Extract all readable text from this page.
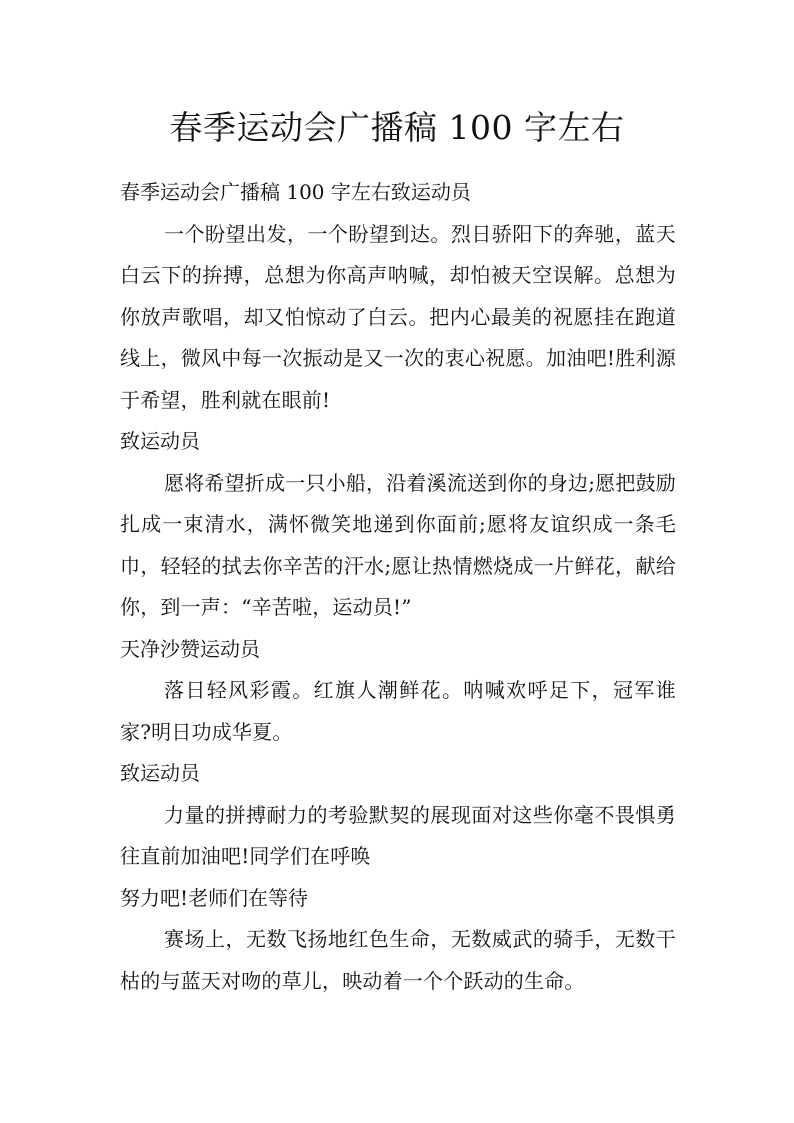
春季运动会广播稿 100 字左右

春季运动会广播稿 100 字左右致运动员

一个盼望出发，一个盼望到达。烈日骄阳下的奔驰，蓝天白云下的拚搏，总想为你高声呐喊，却怕被天空误解。总想为你放声歌唱，却又怕惊动了白云。把内心最美的祝愿挂在跑道线上，微风中每一次振动是又一次的衷心祝愿。加油吧!胜利源于希望，胜利就在眼前!

致运动员

愿将希望折成一只小船，沿着溪流送到你的身边;愿把鼓励扎成一束清水，满怀微笑地递到你面前;愿将友谊织成一条毛巾，轻轻的拭去你辛苦的汗水;愿让热情燃烧成一片鲜花，献给你，到一声：“辛苦啦，运动员!”

天净沙赞运动员

落日轻风彩霞。红旗人潮鲜花。呐喊欢呼足下，冠军谁家?明日功成华夏。

致运动员

力量的拼搏耐力的考验默契的展现面对这些你毫不畏惧勇往直前加油吧!同学们在呼唤

努力吧!老师们在等待

赛场上，无数飞扬地红色生命，无数威武的骑手，无数干枯的与蓝天对吻的草儿，映动着一个个跃动的生命。
